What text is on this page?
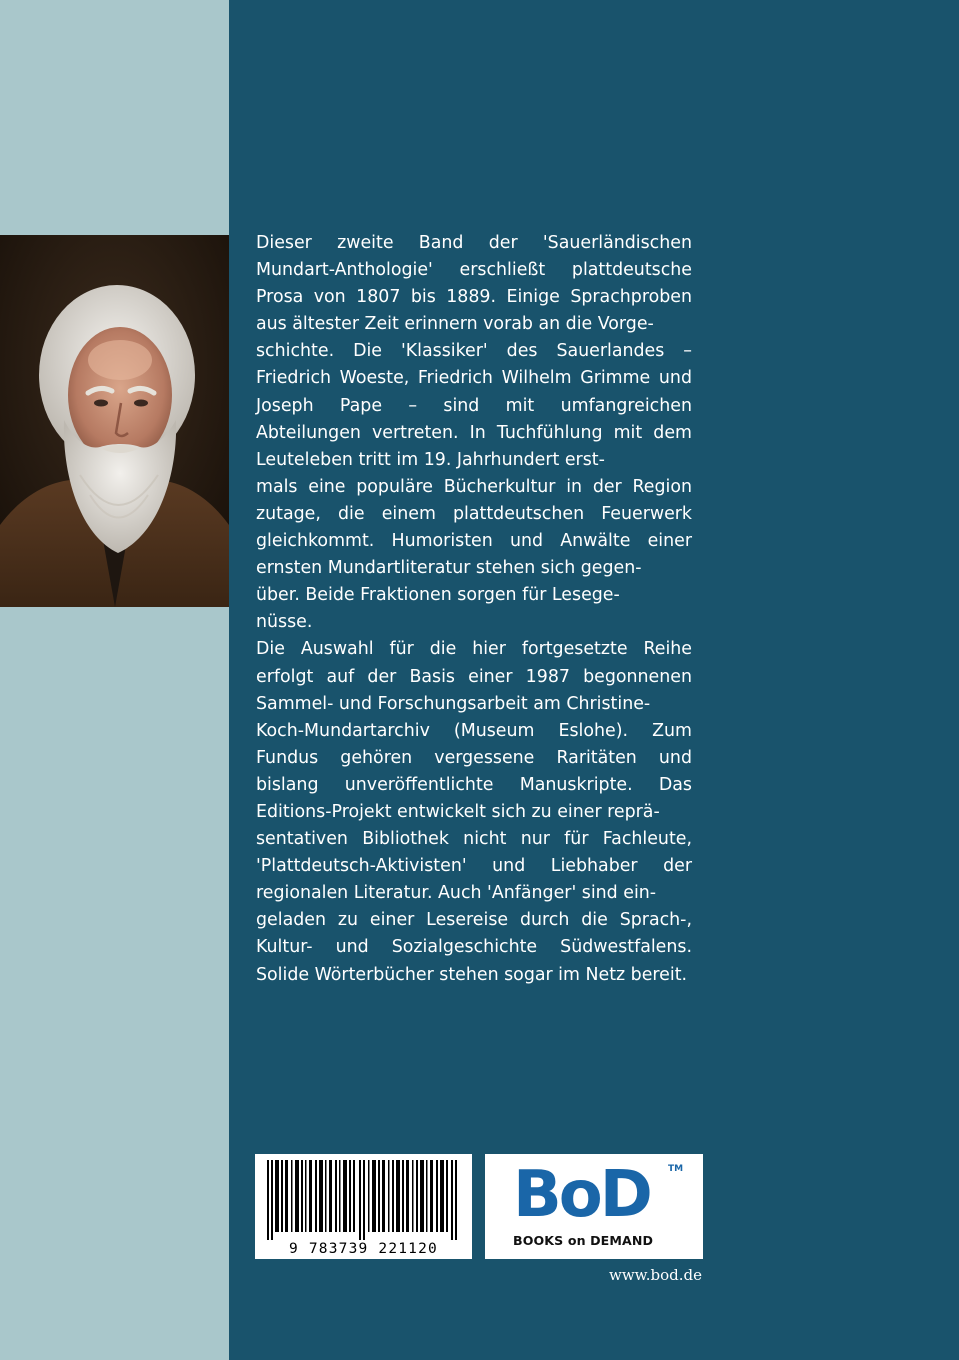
Dieser zweite Band der 'Sauerländischen Mundart-Anthologie' erschließt plattdeutsche Prosa von 1807 bis 1889. Einige Sprachproben aus ältester Zeit erinnern vorab an die Vorge-
schichte. Die 'Klassiker' des Sauerlandes – Friedrich Woeste, Friedrich Wilhelm Grimme und Joseph Pape – sind mit umfangreichen Abteilungen vertreten. In Tuchfühlung mit dem Leuteleben tritt im 19. Jahrhundert erst-
mals eine populäre Bücherkultur in der Region zutage, die einem plattdeutschen Feuerwerk gleichkommt. Humoristen und Anwälte einer ernsten Mundartliteratur stehen sich gegen-
über. Beide Fraktionen sorgen für Lesege-
nüsse.

Die Auswahl für die hier fortgesetzte Reihe erfolgt auf der Basis einer 1987 begonnenen Sammel- und Forschungsarbeit am Christine-
Koch-Mundartarchiv (Museum Eslohe). Zum Fundus gehören vergessene Raritäten und bislang unveröffentlichte Manuskripte. Das Editions-Projekt entwickelt sich zu einer reprä-
sentativen Bibliothek nicht nur für Fachleute, 'Plattdeutsch-Aktivisten' und Liebhaber der regionalen Literatur. Auch 'Anfänger' sind ein-
geladen zu einer Lesereise durch die Sprach-, Kultur- und Sozialgeschichte Südwestfalens. Solide Wörterbücher stehen sogar im Netz bereit.

9 783739 221120
BoD TM
BOOKS on DEMAND
www.bod.de
